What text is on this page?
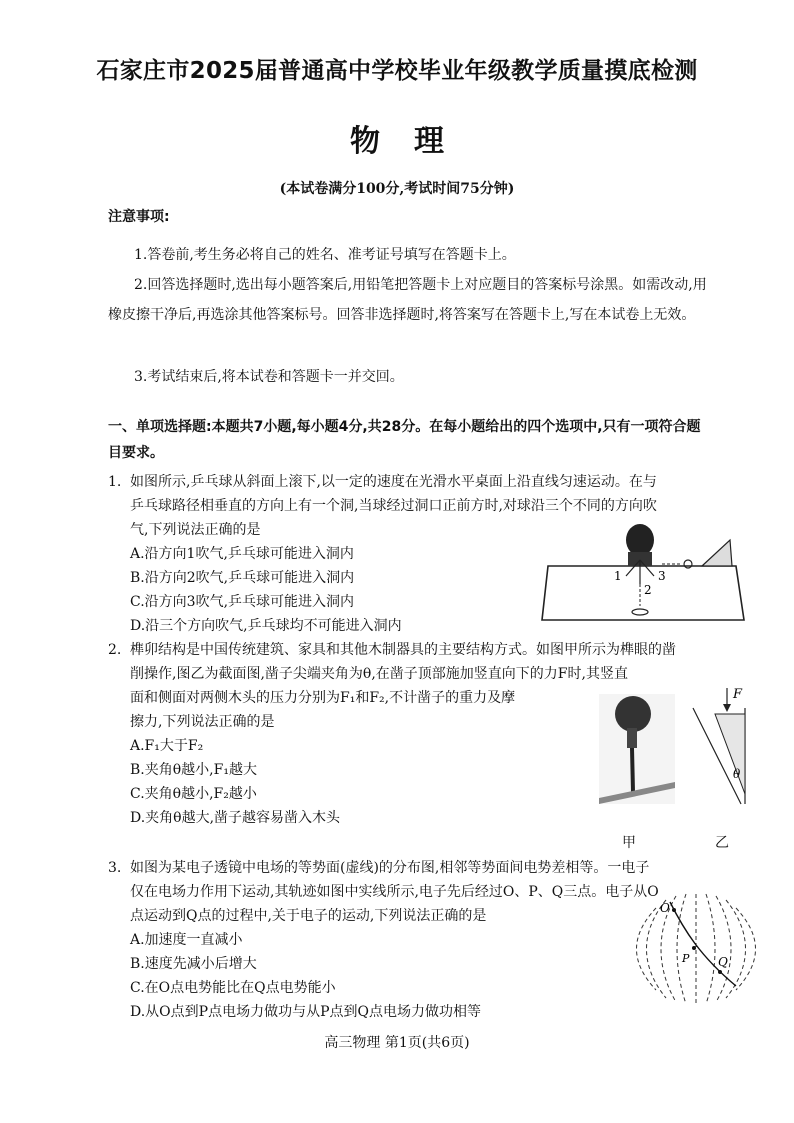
石家庄市2025届普通高中学校毕业年级教学质量摸底检测
物理
(本试卷满分100分,考试时间75分钟)
注意事项:
1.答卷前,考生务必将自己的姓名、准考证号填写在答题卡上。
2.回答选择题时,选出每小题答案后,用铅笔把答题卡上对应题目的答案标号涂黑。如需改动,用橡皮擦干净后,再选涂其他答案标号。回答非选择题时,将答案写在答题卡上,写在本试卷上无效。
3.考试结束后,将本试卷和答题卡一并交回。
一、单项选择题:本题共7小题,每小题4分,共28分。在每小题给出的四个选项中,只有一项符合题目要求。
1. 如图所示,乒乓球从斜面上滚下,以一定的速度在光滑水平桌面上沿直线匀速运动。在与
乒乓球路径相垂直的方向上有一个洞,当球经过洞口正前方时,对球沿三个不同的方向吹
气,下列说法正确的是
A.沿方向1吹气,乒乓球可能进入洞内
B.沿方向2吹气,乒乓球可能进入洞内
C.沿方向3吹气,乒乓球可能进入洞内
D.沿三个方向吹气,乒乓球均不可能进入洞内
1
2
3
2. 榫卯结构是中国传统建筑、家具和其他木制器具的主要结构方式。如图甲所示为榫眼的凿
削操作,图乙为截面图,凿子尖端夹角为θ,在凿子顶部施加竖直向下的力F时,其竖直
面和侧面对两侧木头的压力分别为F₁和F₂,不计凿子的重力及摩
擦力,下列说法正确的是
A.F₁大于F₂
B.夹角θ越小,F₁越大
C.夹角θ越小,F₂越小
D.夹角θ越大,凿子越容易凿入木头
F
θ
甲	乙
3. 如图为某电子透镜中电场的等势面(虚线)的分布图,相邻等势面间电势差相等。一电子
仅在电场力作用下运动,其轨迹如图中实线所示,电子先后经过O、P、Q三点。电子从O
点运动到Q点的过程中,关于电子的运动,下列说法正确的是
A.加速度一直减小
B.速度先减小后增大
C.在O点电势能比在Q点电势能小
D.从O点到P点电场力做功与从P点到Q点电场力做功相等
O
P Q
高三物理 第1页(共6页)
